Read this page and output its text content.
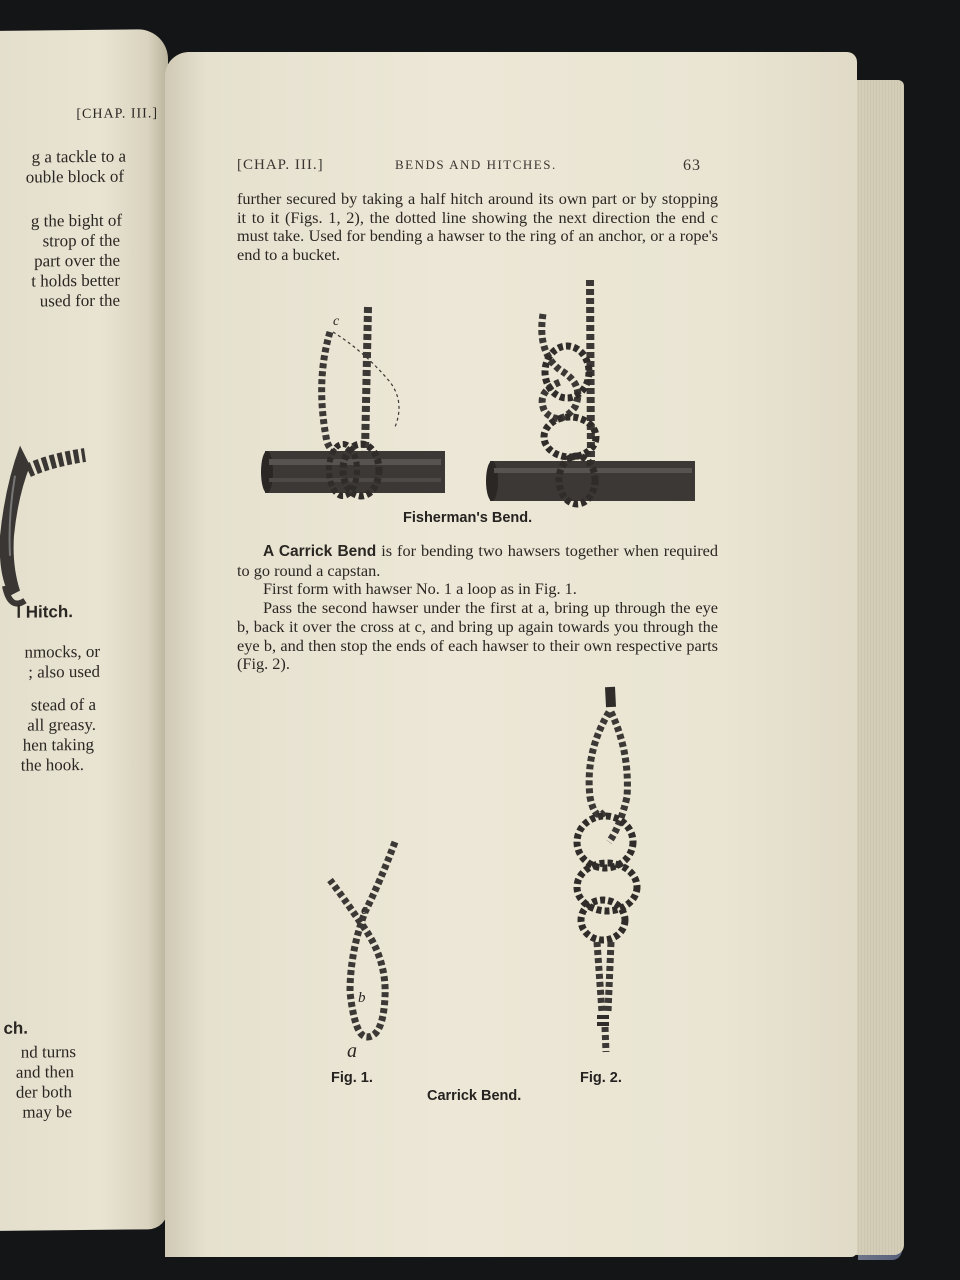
[CHAP. III.]
g a tackle to a
ouble block of
g the bight of
strop of the
part over the
t holds better
used for the
l Hitch.
nmocks, or
; also used
stead of a
all greasy.
hen taking
the hook.
ch.
nd turns
and then
der both
may be
[CHAP. III.]	BENDS AND HITCHES.	63
further secured by taking a half hitch around its own part or by stopping it to it (Figs. 1, 2), the dotted line showing the next direction the end c must take. Used for bending a hawser to the ring of an anchor, or a rope's end to a bucket.
c
c
b
a
Fisherman's Bend.

A Carrick Bend is for bending two hawsers together when required to go round a capstan.

First form with hawser No. 1 a loop as in Fig. 1.

Pass the second hawser under the first at a, bring up through the eye b, back it over the cross at c, and bring up again towards you through the eye b, and then stop the ends of each hawser to their own respective parts (Fig. 2).

Fig. 1.	Fig. 2.
Carrick Bend.
